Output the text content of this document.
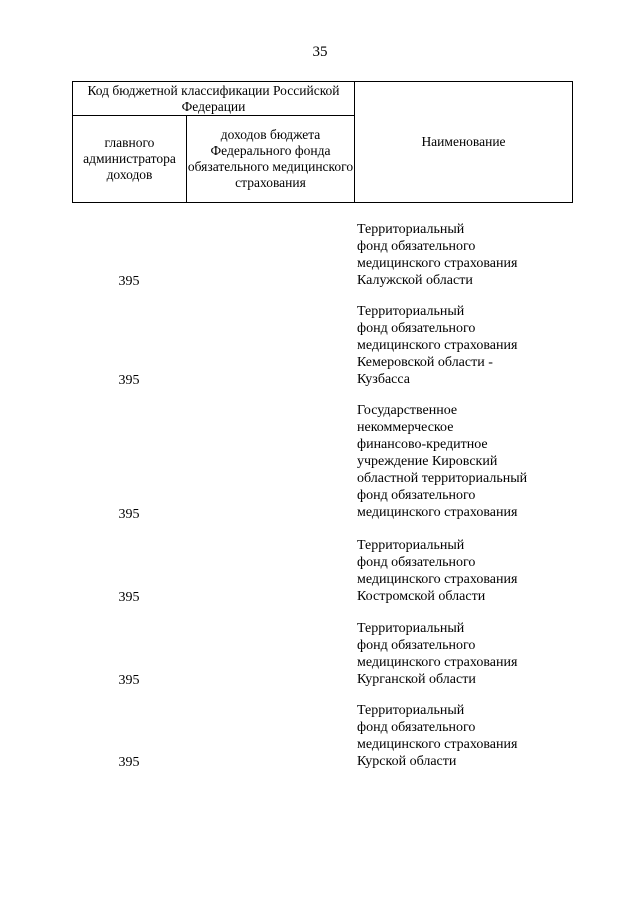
35
Код бюджетной классификации Российской Федерации
главного администратора доходов
доходов бюджета Федерального фонда обязательного медицинского страхования
Наименование
395
Территориальный
фонд обязательного
медицинского страхования
Калужской области
395
Территориальный
фонд обязательного
медицинского страхования
Кемеровской области -
Кузбасса
395
Государственное
некоммерческое
финансово-кредитное
учреждение Кировский
областной территориальный
фонд обязательного
медицинского страхования
395
Территориальный
фонд обязательного
медицинского страхования
Костромской области
395
Территориальный
фонд обязательного
медицинского страхования
Курганской области
395
Территориальный
фонд обязательного
медицинского страхования
Курской области
